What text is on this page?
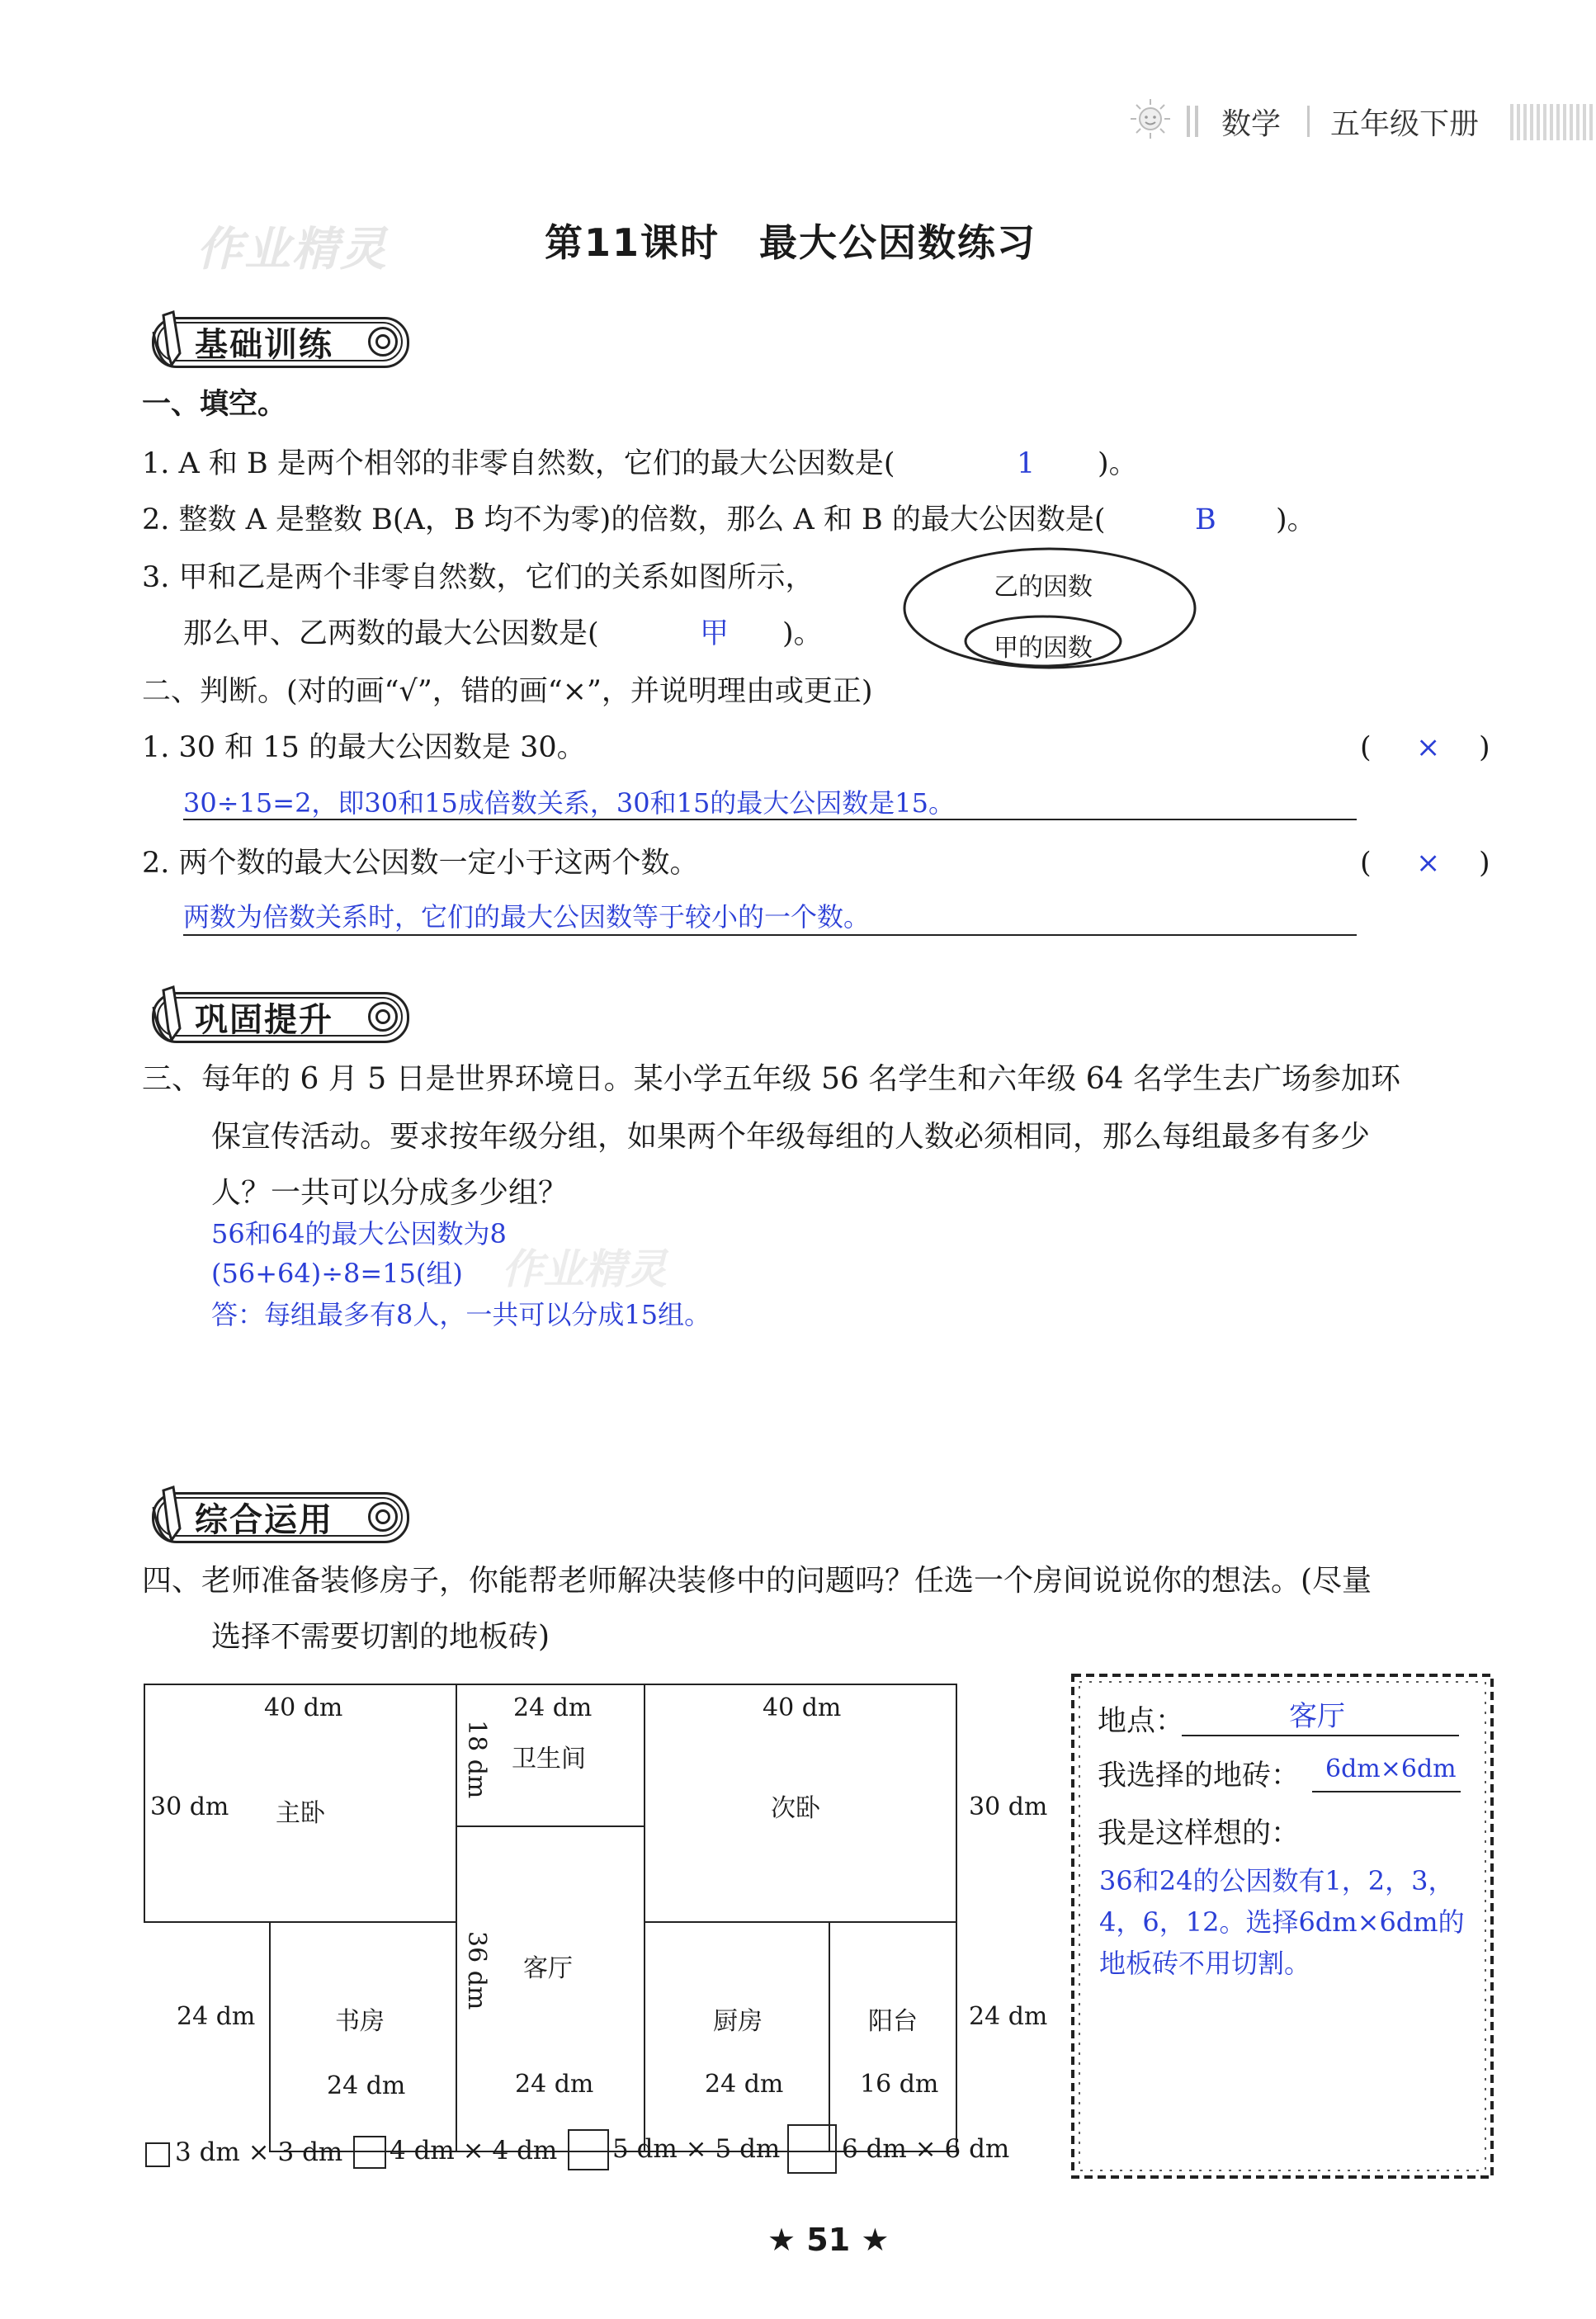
数学 五年级下册
作业精灵	第11课时　最大公因数练习
基础训练
一、填空。
1. A 和 B 是两个相邻的非零自然数，它们的最大公因数是(	1 )。
2. 整数 A 是整数 B(A，B 均不为零)的倍数，那么 A 和 B 的最大公因数是(	B )。
3. 甲和乙是两个非零自然数，它们的关系如图所示，
那么甲、乙两数的最大公因数是(	甲 )。
乙的因数
甲的因数
二、判断。(对的画“√”，错的画“×”，并说明理由或更正)
1. 30 和 15 的最大公因数是 30。	( × )
30÷15=2，即30和15成倍数关系，30和15的最大公因数是15。
2. 两个数的最大公因数一定小于这两个数。	( × )
两数为倍数关系时，它们的最大公因数等于较小的一个数。
巩固提升
三、每年的 6 月 5 日是世界环境日。某小学五年级 56 名学生和六年级 64 名学生去广场参加环
保宣传活动。要求按年级分组，如果两个年级每组的人数必须相同，那么每组最多有多少
人？一共可以分成多少组？
56和64的最大公因数为8
(56+64)÷8=15(组)
答：每组最多有8人，一共可以分成15组。
作业精灵
综合运用
四、老师准备装修房子，你能帮老师解决装修中的问题吗？任选一个房间说说你的想法。(尽量
选择不需要切割的地板砖)
40 dm
30 dm 主卧
24 dm
18 dm 卫生间
40 dm
30 dm
次卧
24 dm	书房
24 dm
36 dm 客厅
24 dm
厨房
24 dm
阳台
16 dm
24 dm
3 dm × 3 dm 4 dm × 4 dm 5 dm × 5 dm 6 dm × 6 dm
地点：	客厅
我选择的地砖： 6dm×6dm
我是这样想的：
36和24的公因数有1，2，3，
4，6，12。选择6dm×6dm的
地板砖不用切割。
★ 51 ★
